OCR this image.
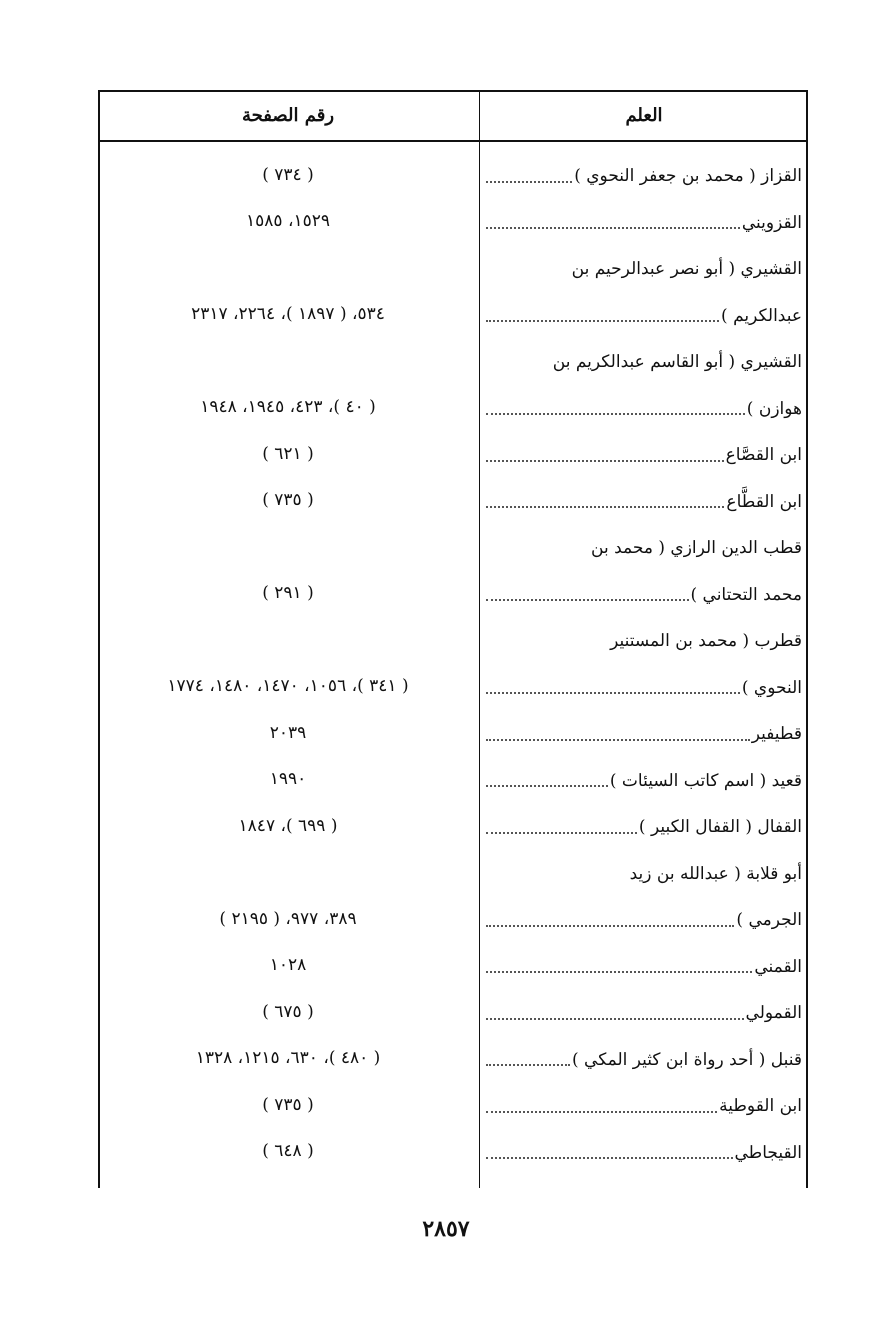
العلم
رقم الصفحة
القزاز ( محمد بن جعفر النحوي )
( ٧٣٤ )
القزويني
١٥٢٩، ١٥٨٥
القشيري ( أبو نصر عبدالرحيم بن
عبدالكريم )
٥٣٤، ( ١٨٩٧ )، ٢٢٦٤، ٢٣١٧
القشيري ( أبو القاسم عبدالكريم بن
هوازن )
( ٤٠ )، ٤٢٣، ١٩٤٥، ١٩٤٨
ابن القصَّاع
( ٦٢١ )
ابن القطَّاع
( ٧٣٥ )
قطب الدين الرازي ( محمد بن
محمد التحتاني )
( ٢٩١ )
قطرب ( محمد بن المستنير
النحوي )
( ٣٤١ )، ١٠٥٦، ١٤٧٠، ١٤٨٠، ١٧٧٤
قطيفير
٢٠٣٩
قعيد ( اسم كاتب السيئات )
١٩٩٠
القفال ( القفال الكبير )
( ٦٩٩ )، ١٨٤٧
أبو قلابة ( عبدالله بن زيد
الجرمي )
٣٨٩، ٩٧٧، ( ٢١٩٥ )
القمني
١٠٢٨
القمولي
( ٦٧٥ )
قنبل ( أحد رواة ابن كثير المكي )
( ٤٨٠ )، ٦٣٠، ١٢١٥، ١٣٢٨
ابن القوطية
( ٧٣٥ )
القيجاطي
( ٦٤٨ )
٢٨٥٧
